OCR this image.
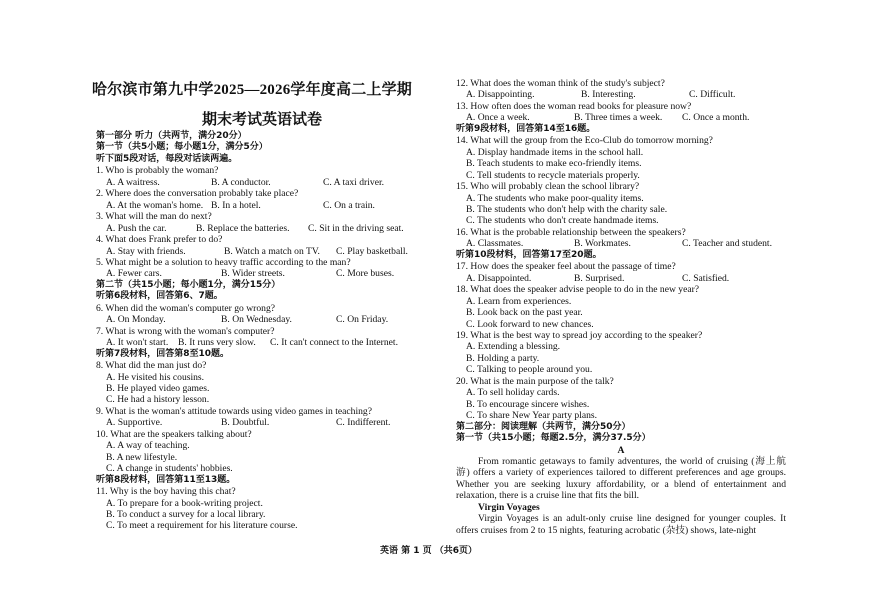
哈尔滨市第九中学2025—2026学年度高二上学期
期末考试英语试卷
第一部分 听力（共两节，满分20分）
第一节（共5小题；每小题1分，满分5分）
听下面5段对话，每段对话读两遍。
1. Who is probably the woman?
A. A waitress.	B. A conductor.	C. A taxi driver.
2. Where does the conversation probably take place?
A. At the woman's home. B. In a hotel.	C. On a train.
3. What will the man do next?
A. Push the car.	B. Replace the batteries.	C. Sit in the driving seat.
4. What does Frank prefer to do?
A. Stay with friends.	B. Watch a match on TV.	C. Play basketball.
5. What might be a solution to heavy traffic according to the man?
A. Fewer cars.	B. Wider streets.	C. More buses.
第二节（共15小题；每小题1分，满分15分）
听第6段材料，回答第6、7题。
6. When did the woman's computer go wrong?
A. On Monday.	B. On Wednesday.	C. On Friday.
7. What is wrong with the woman's computer?
A. It won't start.	B. It runs very slow.	C. It can't connect to the Internet.
听第7段材料，回答第8至10题。
8. What did the man just do?
A. He visited his cousins.
B. He played video games.
C. He had a history lesson.
9. What is the woman's attitude towards using video games in teaching?
A. Supportive.	B. Doubtful.	C. Indifferent.
10. What are the speakers talking about?
A. A way of teaching.
B. A new lifestyle.
C. A change in students' hobbies.
听第8段材料，回答第11至13题。
11. Why is the boy having this chat?
A. To prepare for a book-writing project.
B. To conduct a survey for a local library.
C. To meet a requirement for his literature course.
12. What does the woman think of the study's subject?
A. Disappointing.	B. Interesting.	C. Difficult.
13. How often does the woman read books for pleasure now?
A. Once a week.	B. Three times a week.	C. Once a month.
听第9段材料，回答第14至16题。
14. What will the group from the Eco-Club do tomorrow morning?
A. Display handmade items in the school hall.
B. Teach students to make eco-friendly items.
C. Tell students to recycle materials properly.
15. Who will probably clean the school library?
A. The students who make poor-quality items.
B. The students who don't help with the charity sale.
C. The students who don't create handmade items.
16. What is the probable relationship between the speakers?
A. Classmates.	B. Workmates.	C. Teacher and student.
听第10段材料，回答第17至20题。
17. How does the speaker feel about the passage of time?
A. Disappointed.	B. Surprised.	C. Satisfied.
18. What does the speaker advise people to do in the new year?
A. Learn from experiences.
B. Look back on the past year.
C. Look forward to new chances.
19. What is the best way to spread joy according to the speaker?
A. Extending a blessing.
B. Holding a party.
C. Talking to people around you.
20. What is the main purpose of the talk?
A. To sell holiday cards.
B. To encourage sincere wishes.
C. To share New Year party plans.
第二部分：阅读理解（共两节，满分50分）
第一节（共15小题；每题2.5分，满分37.5分）
A
From romantic getaways to family adventures, the world of cruising (海上航游) offers a variety of experiences tailored to different preferences and age groups. Whether you are seeking luxury affordability, or a blend of entertainment and relaxation, there is a cruise line that fits the bill.
Virgin Voyages
Virgin Voyages is an adult-only cruise line designed for younger couples. It offers cruises from 2 to 15 nights, featuring acrobatic (杂技) shows, late-night
英语 第 1 页 （共6页）
